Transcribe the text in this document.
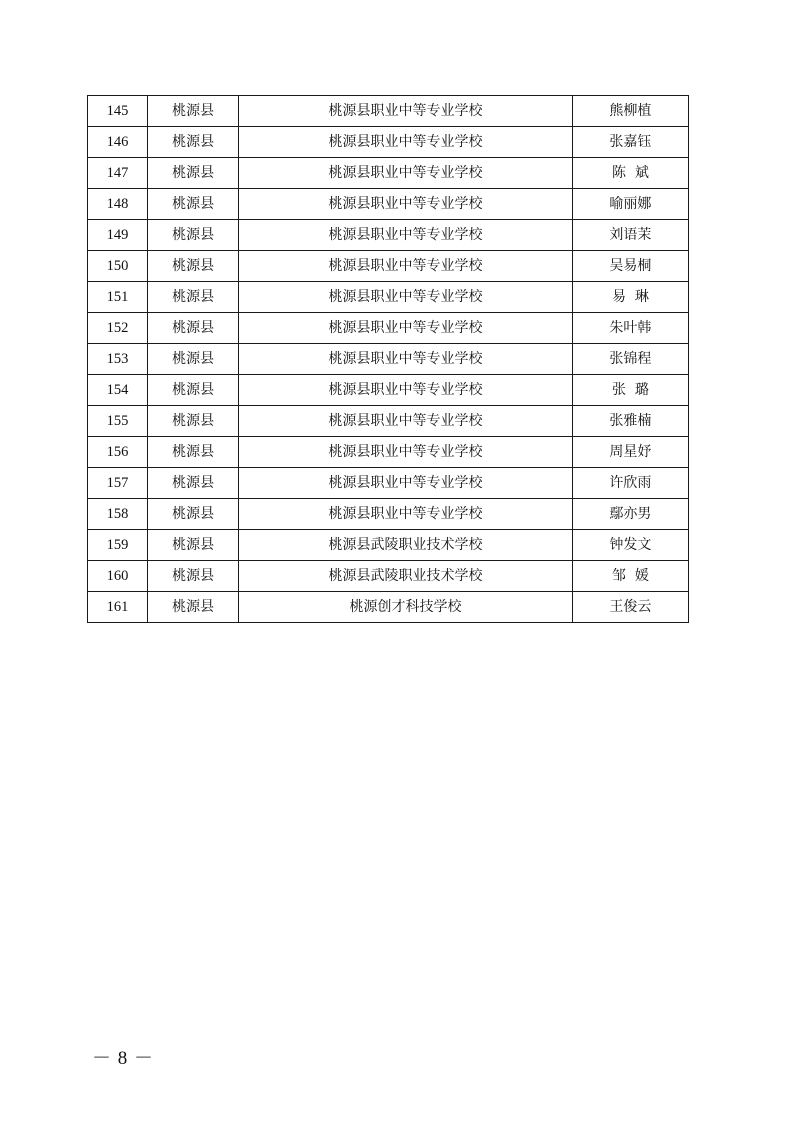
145	桃源县	桃源县职业中等专业学校	熊柳植
146	桃源县	桃源县职业中等专业学校	张嘉钰
147	桃源县	桃源县职业中等专业学校	陈  斌
148	桃源县	桃源县职业中等专业学校	喻丽娜
149	桃源县	桃源县职业中等专业学校	刘语茉
150	桃源县	桃源县职业中等专业学校	吴易桐
151	桃源县	桃源县职业中等专业学校	易  琳
152	桃源县	桃源县职业中等专业学校	朱叶韩
153	桃源县	桃源县职业中等专业学校	张锦程
154	桃源县	桃源县职业中等专业学校	张  璐
155	桃源县	桃源县职业中等专业学校	张雅楠
156	桃源县	桃源县职业中等专业学校	周星妤
157	桃源县	桃源县职业中等专业学校	许欣雨
158	桃源县	桃源县职业中等专业学校	鄢亦男
159	桃源县	桃源县武陵职业技术学校	钟发文
160	桃源县	桃源县武陵职业技术学校	邹  媛
161	桃源县	桃源创才科技学校	王俊云
－ 8 －
